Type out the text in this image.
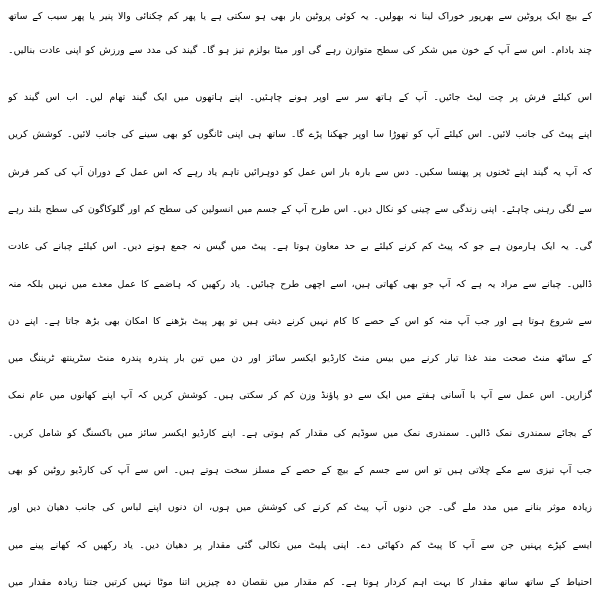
کے بیچ ایک پروٹین سے بھرپور خوراک لینا نہ بھولیں۔ یہ کوئی پروٹین بار بھی ہو سکتی ہے یا پھر کم چکنائی والا پنیر یا پھر سیب کے ساتھ
چند بادام۔ اس سے آپ کے خون میں شکر کی سطح متوازن رہے گی اور میٹا بولزم تیز ہو گا۔ گیند کی مدد سے ورزش کو اپنی عادت بنالیں۔
اس کیلئے فرش پر چت لیٹ جائیں۔ آپ کے ہاتھ سر سے اوپر ہونے چاہئیں۔ اپنے ہاتھوں میں ایک گیند تھام لیں۔ اب اس گیند کو
اپنے پیٹ کی جانب لائیں۔ اس کیلئے آپ کو تھوڑا سا اوپر جھکنا پڑے گا۔ ساتھ ہی اپنی ٹانگوں کو بھی سینے کی جانب لائیں۔ کوشش کریں
کہ آپ یہ گیند اپنے ٹخنوں پر پھنسا سکیں۔ دس سے بارہ بار اس عمل کو دوہرائیں تاہم یاد رہے کہ اس عمل کے دوران آپ کی کمر فرش
سے لگی رہنی چاہئے۔ اپنی زندگی سے چینی کو نکال دیں۔ اس طرح آپ کے جسم میں انسولین کی سطح کم اور گلوکاگون کی سطح بلند رہے
گی۔ یہ ایک ہارمون ہے جو کہ پیٹ کم کرنے کیلئے بے حد معاون ہوتا ہے۔ پیٹ میں گیس نہ جمع ہونے دیں۔ اس کیلئے چبانے کی عادت
ڈالیں۔ چبانے سے مراد یہ ہے کہ آپ جو بھی کھاتی ہیں، اسے اچھی طرح چبائیں۔ یاد رکھیں کہ ہاضمے کا عمل معدے میں نہیں بلکہ منہ
سے شروع ہوتا ہے اور جب آپ منہ کو اس کے حصے کا کام نہیں کرنے دیتی ہیں تو پھر پیٹ بڑھنے کا امکان بھی بڑھ جاتا ہے۔ اپنے دن
کے ساٹھ منٹ صحت مند غذا تیار کرنے میں بیس منٹ کارڈیو ایکسر سائز اور دن میں تین بار پندرہ پندرہ منٹ سٹرینتھ ٹریننگ میں
گزاریں۔ اس عمل سے آپ با آسانی ہفتے میں ایک سے دو پاؤنڈ وزن کم کر سکتی ہیں۔ کوشش کریں کہ آپ اپنے کھانوں میں عام نمک
کے بجائے سمندری نمک ڈالیں۔ سمندری نمک میں سوڈیم کی مقدار کم ہوتی ہے۔ اپنے کارڈیو ایکسر سائز میں باکسنگ کو شامل کریں۔
جب آپ تیزی سے مکے چلاتی ہیں تو اس سے جسم کے بیچ کے حصے کے مسلز سخت ہوتے ہیں۔ اس سے آپ کی کارڈیو روٹین کو بھی
زیادہ موثر بنانے میں مدد ملے گی۔ جن دنوں آپ پیٹ کم کرنے کی کوشش میں ہوں، ان دنوں اپنے لباس کی جانب دھیان دیں اور
ایسے کپڑے پہنیں جن سے آپ کا پیٹ کم دکھائی دے۔ اپنی پلیٹ میں نکالی گئی مقدار پر دھیان دیں۔ یاد رکھیں کہ کھانے پینے میں
احتیاط کے ساتھ ساتھ مقدار کا بہت اہم کردار ہوتا ہے۔ کم مقدار میں نقصان دہ چیزیں اتنا موٹا نہیں کرتیں جتنا زیادہ مقدار میں
